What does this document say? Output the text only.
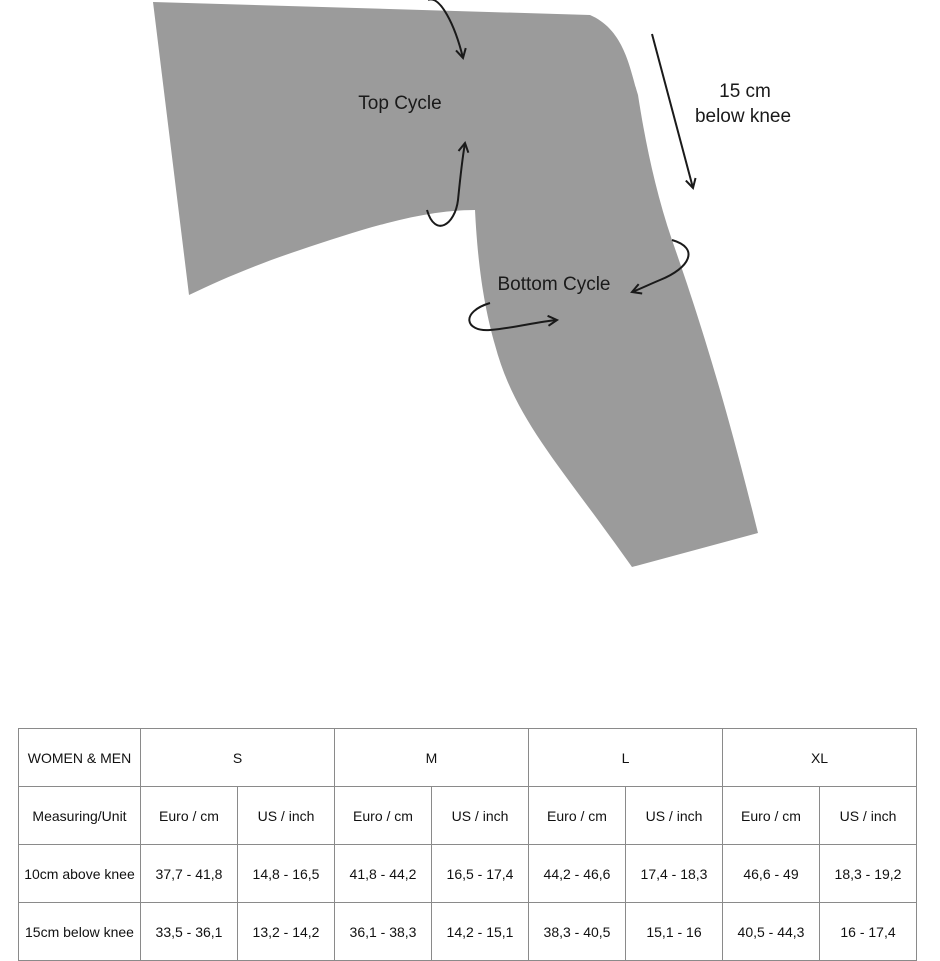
Top Cycle
Bottom Cycle
15 cm
below knee
WOMEN & MEN	S		M		L		XL	
Measuring/Unit	Euro / cm	US / inch	Euro / cm	US / inch	Euro / cm	US / inch	Euro / cm	US / inch
10cm above knee	37,7 - 41,8	14,8 - 16,5	41,8 - 44,2	16,5 - 17,4	44,2 - 46,6	17,4 - 18,3	46,6 - 49	18,3 - 19,2
15cm below knee	33,5 - 36,1	13,2 - 14,2	36,1 - 38,3	14,2 - 15,1	38,3 - 40,5	15,1 - 16	40,5 - 44,3	16 - 17,4
